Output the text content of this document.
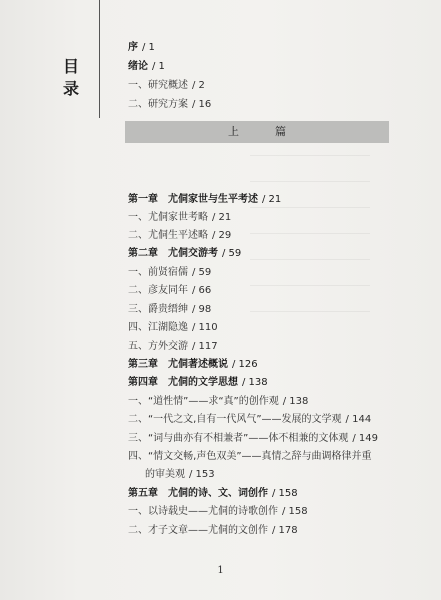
目
录
序 / 1
绪论 / 1
一、研究概述 / 2
二、研究方案 / 16
上	篇
第一章　尤侗家世与生平考述 / 21
一、尤侗家世考略 / 21
二、尤侗生平述略 / 29
第二章　尤侗交游考 / 59
一、前贤宿儒 / 59
二、彦友同年 / 66
三、爵贵缙绅 / 98
四、江湖隐逸 / 110
五、方外交游 / 117
第三章　尤侗著述概说 / 126
第四章　尤侗的文学思想 / 138
一、“道性情”——求“真”的创作观 / 138
二、“一代之文,自有一代风气”——发展的文学观 / 144
三、“词与曲亦有不相兼者”——体不相兼的文体观 / 149
四、“情文交畅,声色双美”——真情之辞与曲调格律并重
的审美观 / 153
第五章　尤侗的诗、文、词创作 / 158
一、以诗载史——尤侗的诗歌创作 / 158
二、才子文章——尤侗的文创作 / 178
1
